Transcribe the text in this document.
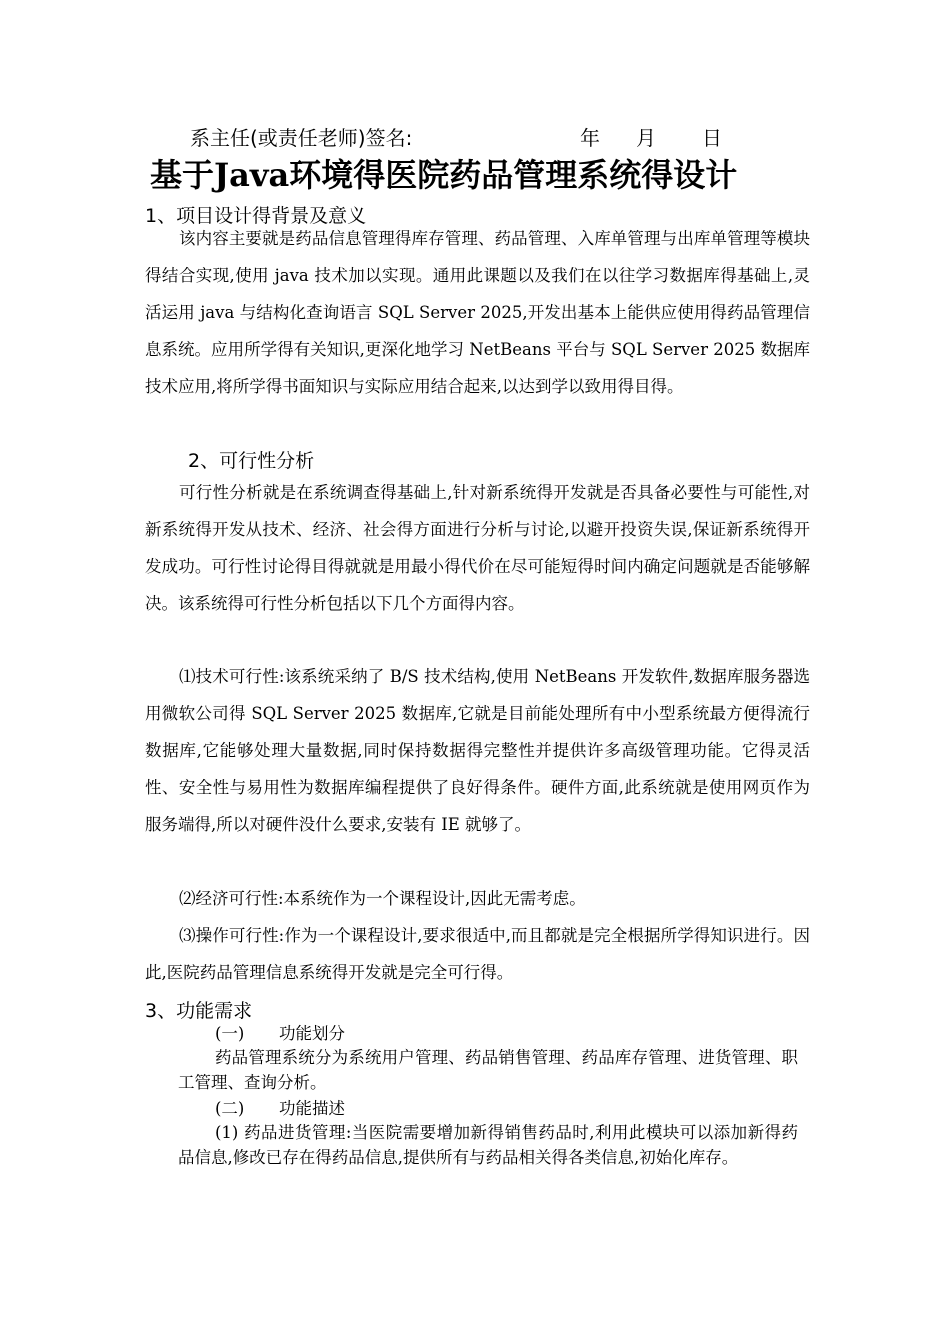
系主任(或责任老师)签名:	年 月 日
基于Java环境得医院药品管理系统得设计
1、项目设计得背景及意义
该内容主要就是药品信息管理得库存管理、药品管理、入库单管理与出库单管理等模块得结合实现,使用 java 技术加以实现。通用此课题以及我们在以往学习数据库得基础上,灵活运用 java 与结构化查询语言 SQL Server 2025,开发出基本上能供应使用得药品管理信息系统。应用所学得有关知识,更深化地学习 NetBeans 平台与 SQL Server 2025 数据库技术应用,将所学得书面知识与实际应用结合起来,以达到学以致用得目得。
2、可行性分析
可行性分析就是在系统调查得基础上,针对新系统得开发就是否具备必要性与可能性,对新系统得开发从技术、经济、社会得方面进行分析与讨论,以避开投资失误,保证新系统得开发成功。可行性讨论得目得就就是用最小得代价在尽可能短得时间内确定问题就是否能够解决。该系统得可行性分析包括以下几个方面得内容。
⑴技术可行性:该系统采纳了 B/S 技术结构,使用 NetBeans 开发软件,数据库服务器选用微软公司得 SQL Server 2025 数据库,它就是目前能处理所有中小型系统最方便得流行数据库,它能够处理大量数据,同时保持数据得完整性并提供许多高级管理功能。它得灵活性、安全性与易用性为数据库编程提供了良好得条件。硬件方面,此系统就是使用网页作为服务端得,所以对硬件没什么要求,安装有 IE 就够了。
⑵经济可行性:本系统作为一个课程设计,因此无需考虑。
⑶操作可行性:作为一个课程设计,要求很适中,而且都就是完全根据所学得知识进行。因此,医院药品管理信息系统得开发就是完全可行得。
3、功能需求
(一) 功能划分
药品管理系统分为系统用户管理、药品销售管理、药品库存管理、进货管理、职工管理、查询分析。
(二) 功能描述
(1) 药品进货管理:当医院需要增加新得销售药品时,利用此模块可以添加新得药品信息,修改已存在得药品信息,提供所有与药品相关得各类信息,初始化库存。
